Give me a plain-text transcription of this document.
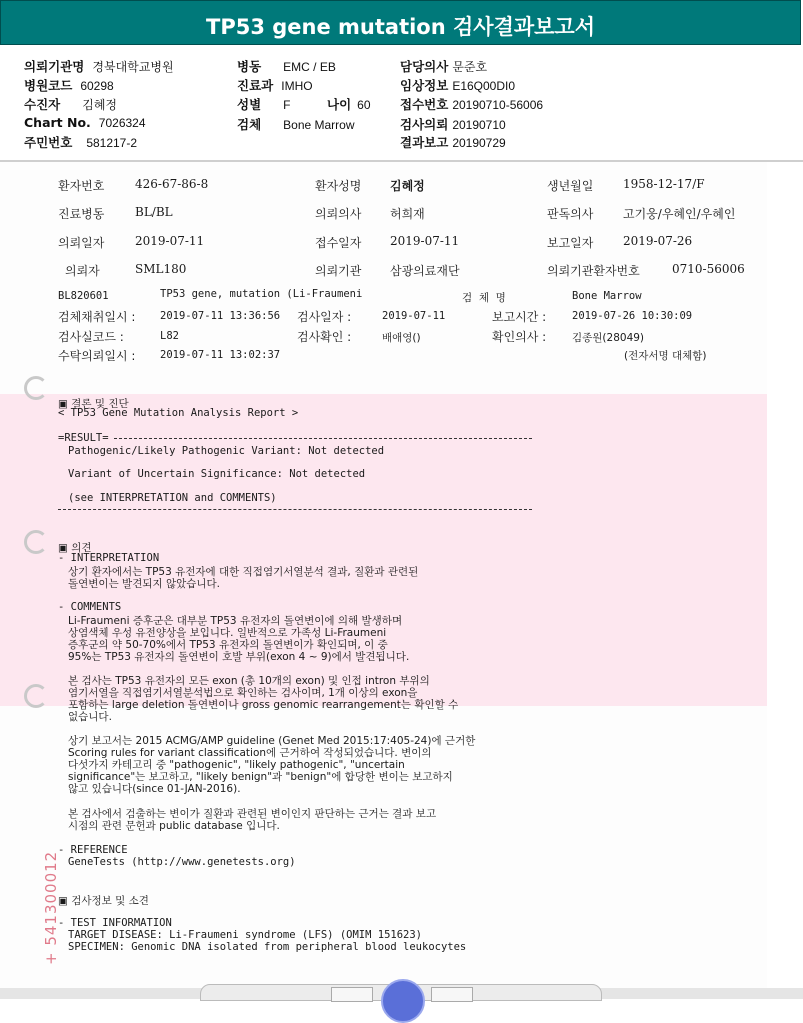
TP53 gene mutation 검사결과보고서
의뢰기관명 경북대학교병원
병원코드 60298
수진자 김혜정
Chart No. 7026324
주민번호 581217-2
병동 EMC / EB
진료과 IMHO
성별 F	나이 60
검체 Bone Marrow
담당의사 문준호
임상정보 E16Q00DI0
접수번호 20190710-56006
검사의뢰 20190710
결과보고 20190729
환자번호	426-67-86-8	환자성명 김혜정	생년월일 1958-12-17/F
진료병동	BL/BL	의뢰의사 허희재	판독의사 고기웅/우혜인/우혜인
의뢰일자	2019-07-11	접수일자 2019-07-11	보고일자 2019-07-26
의뢰자	SML180	의뢰기관 삼광의료재단	의뢰기관환자번호	0710-56006
BL820601	TP53 gene, mutation (Li-Fraumeni	검  체  명	Bone Marrow
검체채취일시 : 2019-07-11 13:36:56 검사일자 :	2019-07-11	보고시간 : 2019-07-26 10:30:09
검사실코드 :	L82	검사확인 :	배애영()	확인의사 : 김종원(28049)
수탁의뢰일시 : 2019-07-11 13:02:37	(전자서명 대체함)
▣ 결론 및 진단
< TP53 Gene Mutation Analysis Report >
=RESULT=
Pathogenic/Likely Pathogenic Variant: Not detected
Variant of Uncertain Significance: Not detected
(see INTERPRETATION and COMMENTS)
▣ 의견
- INTERPRETATION
상기 환자에서는 TP53 유전자에 대한 직접염기서열분석 결과, 질환과 관련된
돌연변이는 발견되지 않았습니다.
- COMMENTS
Li-Fraumeni 증후군은 대부분 TP53 유전자의 돌연변이에 의해 발생하며
상염색체 우성 유전양상을 보입니다. 일반적으로 가족성 Li-Fraumeni
증후군의 약 50-70%에서 TP53 유전자의 돌연변이가 확인되며, 이 중
95%는 TP53 유전자의 돌연변이 호발 부위(exon 4 ~ 9)에서 발견됩니다.
본 검사는 TP53 유전자의 모든 exon (총 10개의 exon) 및 인접 intron 부위의
염기서열을 직접염기서열분석법으로 확인하는 검사이며, 1개 이상의 exon을
포함하는 large deletion 돌연변이나 gross genomic rearrangement는 확인할 수
없습니다.
상기 보고서는 2015 ACMG/AMP guideline (Genet Med 2015:17:405-24)에 근거한
Scoring rules for variant classification에 근거하여 작성되었습니다. 변이의
다섯가지 카테고리 중 "pathogenic", "likely pathogenic", "uncertain
significance"는 보고하고, "likely benign"과 "benign"에 합당한 변이는 보고하지
않고 있습니다(since 01-JAN-2016).
본 검사에서 검출하는 변이가 질환과 관련된 변이인지 판단하는 근거는 결과 보고
시점의 관련 문헌과 public database 입니다.
- REFERENCE
GeneTests (http://www.genetests.org)
▣ 검사정보 및 소견
- TEST INFORMATION
TARGET DISEASE: Li-Fraumeni syndrome (LFS) (OMIM 151623)
SPECIMEN: Genomic DNA isolated from peripheral blood leukocytes
+ 541300012
